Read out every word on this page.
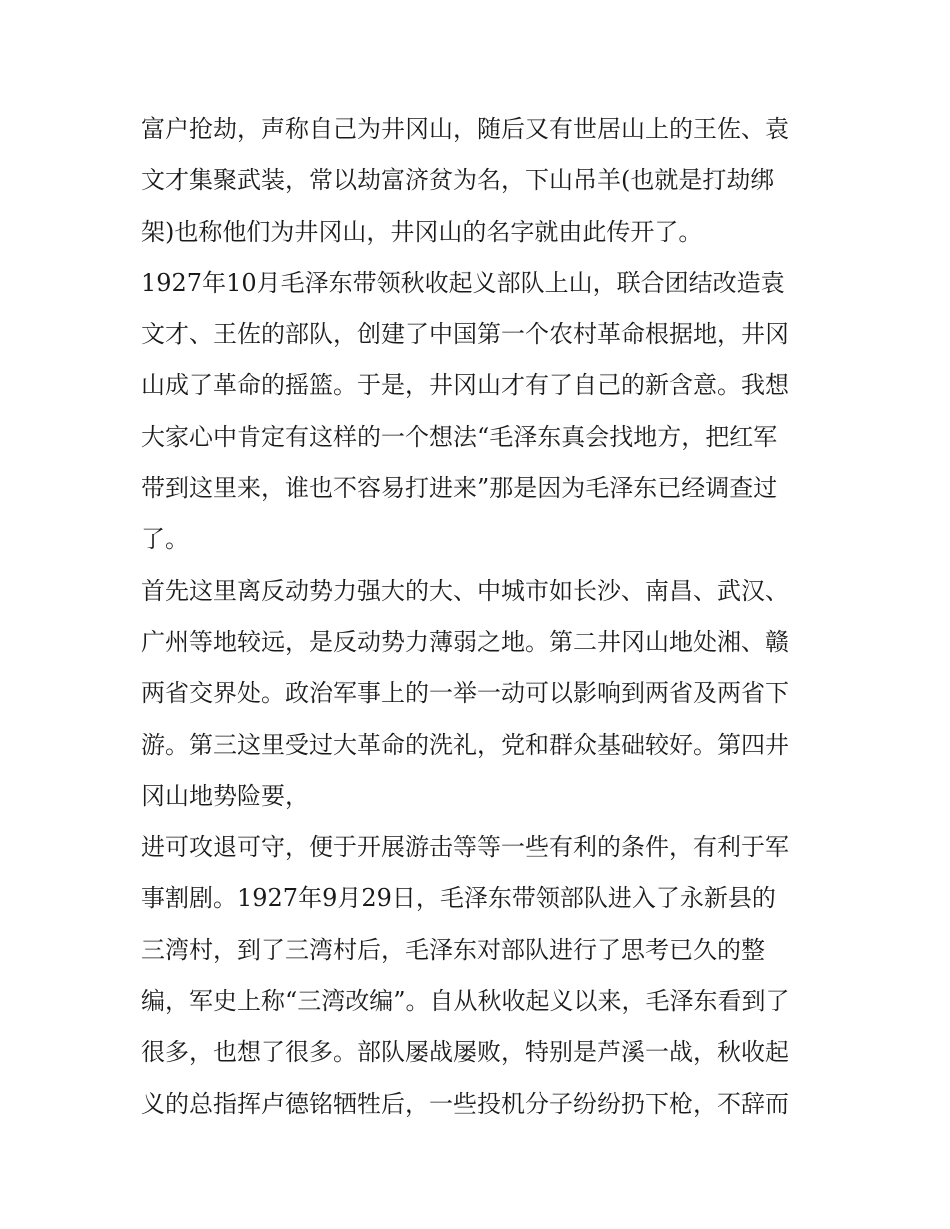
富户抢劫，声称自己为井冈山，随后又有世居山上的王佐、袁
文才集聚武装，常以劫富济贫为名，下山吊羊(也就是打劫绑
架)也称他们为井冈山，井冈山的名字就由此传开了。
1927年10月毛泽东带领秋收起义部队上山，联合团结改造袁
文才、王佐的部队，创建了中国第一个农村革命根据地，井冈
山成了革命的摇篮。于是，井冈山才有了自己的新含意。我想
大家心中肯定有这样的一个想法“毛泽东真会找地方，把红军
带到这里来，谁也不容易打进来”那是因为毛泽东已经调查过
了。
首先这里离反动势力强大的大、中城市如长沙、南昌、武汉、
广州等地较远，是反动势力薄弱之地。第二井冈山地处湘、赣
两省交界处。政治军事上的一举一动可以影响到两省及两省下
游。第三这里受过大革命的洗礼，党和群众基础较好。第四井
冈山地势险要，
进可攻退可守，便于开展游击等等一些有利的条件，有利于军
事割剧。1927年9月29日，毛泽东带领部队进入了永新县的
三湾村，到了三湾村后，毛泽东对部队进行了思考已久的整
编，军史上称“三湾改编”。自从秋收起义以来，毛泽东看到了
很多，也想了很多。部队屡战屡败，特别是芦溪一战，秋收起
义的总指挥卢德铭牺牲后，一些投机分子纷纷扔下枪，不辞而
